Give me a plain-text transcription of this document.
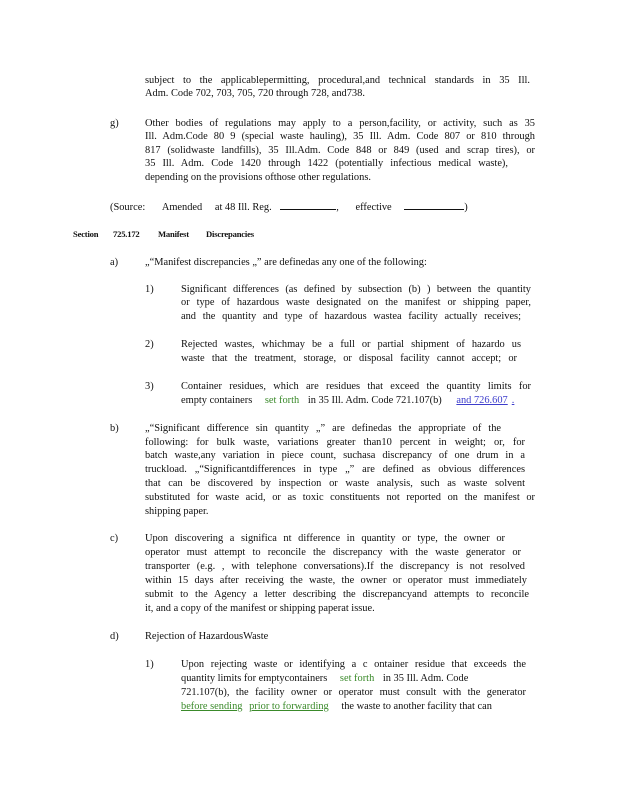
subject to the applicablepermitting, procedural,and technical standards in 35 Ill.
Adm. Code 702, 703, 705, 720 through 728, and738.
g)	Other bodies of regulations may apply to a person,facility, or activity, such as 35
Ill. Adm.Code 80 9 (special waste hauling), 35 Ill. Adm. Code 807 or 810 through
817 (solidwaste landfills), 35 Ill.Adm. Code 848 or 849 (used and scrap tires), or
35 Ill. Adm. Code 1420 through 1422 (potentially infectious medical waste),
depending on the provisions ofthose other regulations.
(Source: Amended at 48 Ill. Reg.	, effective	)
Section 725.172 Manifest Discrepancies
a)	„“Manifest discrepancies „” are definedas any one of the following:
1)	Significant differences (as defined by subsection (b) ) between the quantity
or type of hazardous waste designated on the manifest or shipping paper,
and the quantity and type of hazardous wastea facility actually receives;
2)	Rejected wastes, whichmay be a full or partial shipment of hazardo us
waste that the treatment, storage, or disposal facility cannot accept; or
3)	Container residues, which are residues that exceed the quantity limits for
empty containers set forth in 35 Ill. Adm. Code 721.107(b) and 726.607 .
b)	„“Significant difference sin quantity „” are definedas the appropriate of the
following: for bulk waste, variations greater than10 percent in weight; or, for
batch waste,any variation in piece count, suchasa discrepancy of one drum in a
truckload. „“Significantdifferences in type „” are defined as obvious differences
that can be discovered by inspection or waste analysis, such as waste solvent
substituted for waste acid, or as toxic constituents not reported on the manifest or
shipping paper.
c)	Upon discovering a significa nt difference in quantity or type, the owner or
operator must attempt to reconcile the discrepancy with the waste generator or
transporter (e.g. , with telephone conversations).If the discrepancy is not resolved
within 15 days after receiving the waste, the owner or operator must immediately
submit to the Agency a letter describing the discrepancyand attempts to reconcile
it, and a copy of the manifest or shipping paperat issue.
d)	Rejection of HazardousWaste
1)	Upon rejecting waste or identifying a c ontainer residue that exceeds the
quantity limits for emptycontainers set forth in 35 Ill. Adm. Code
721.107(b), the facility owner or operator must consult with the generator
before sending prior to forwarding the waste to another facility that can
